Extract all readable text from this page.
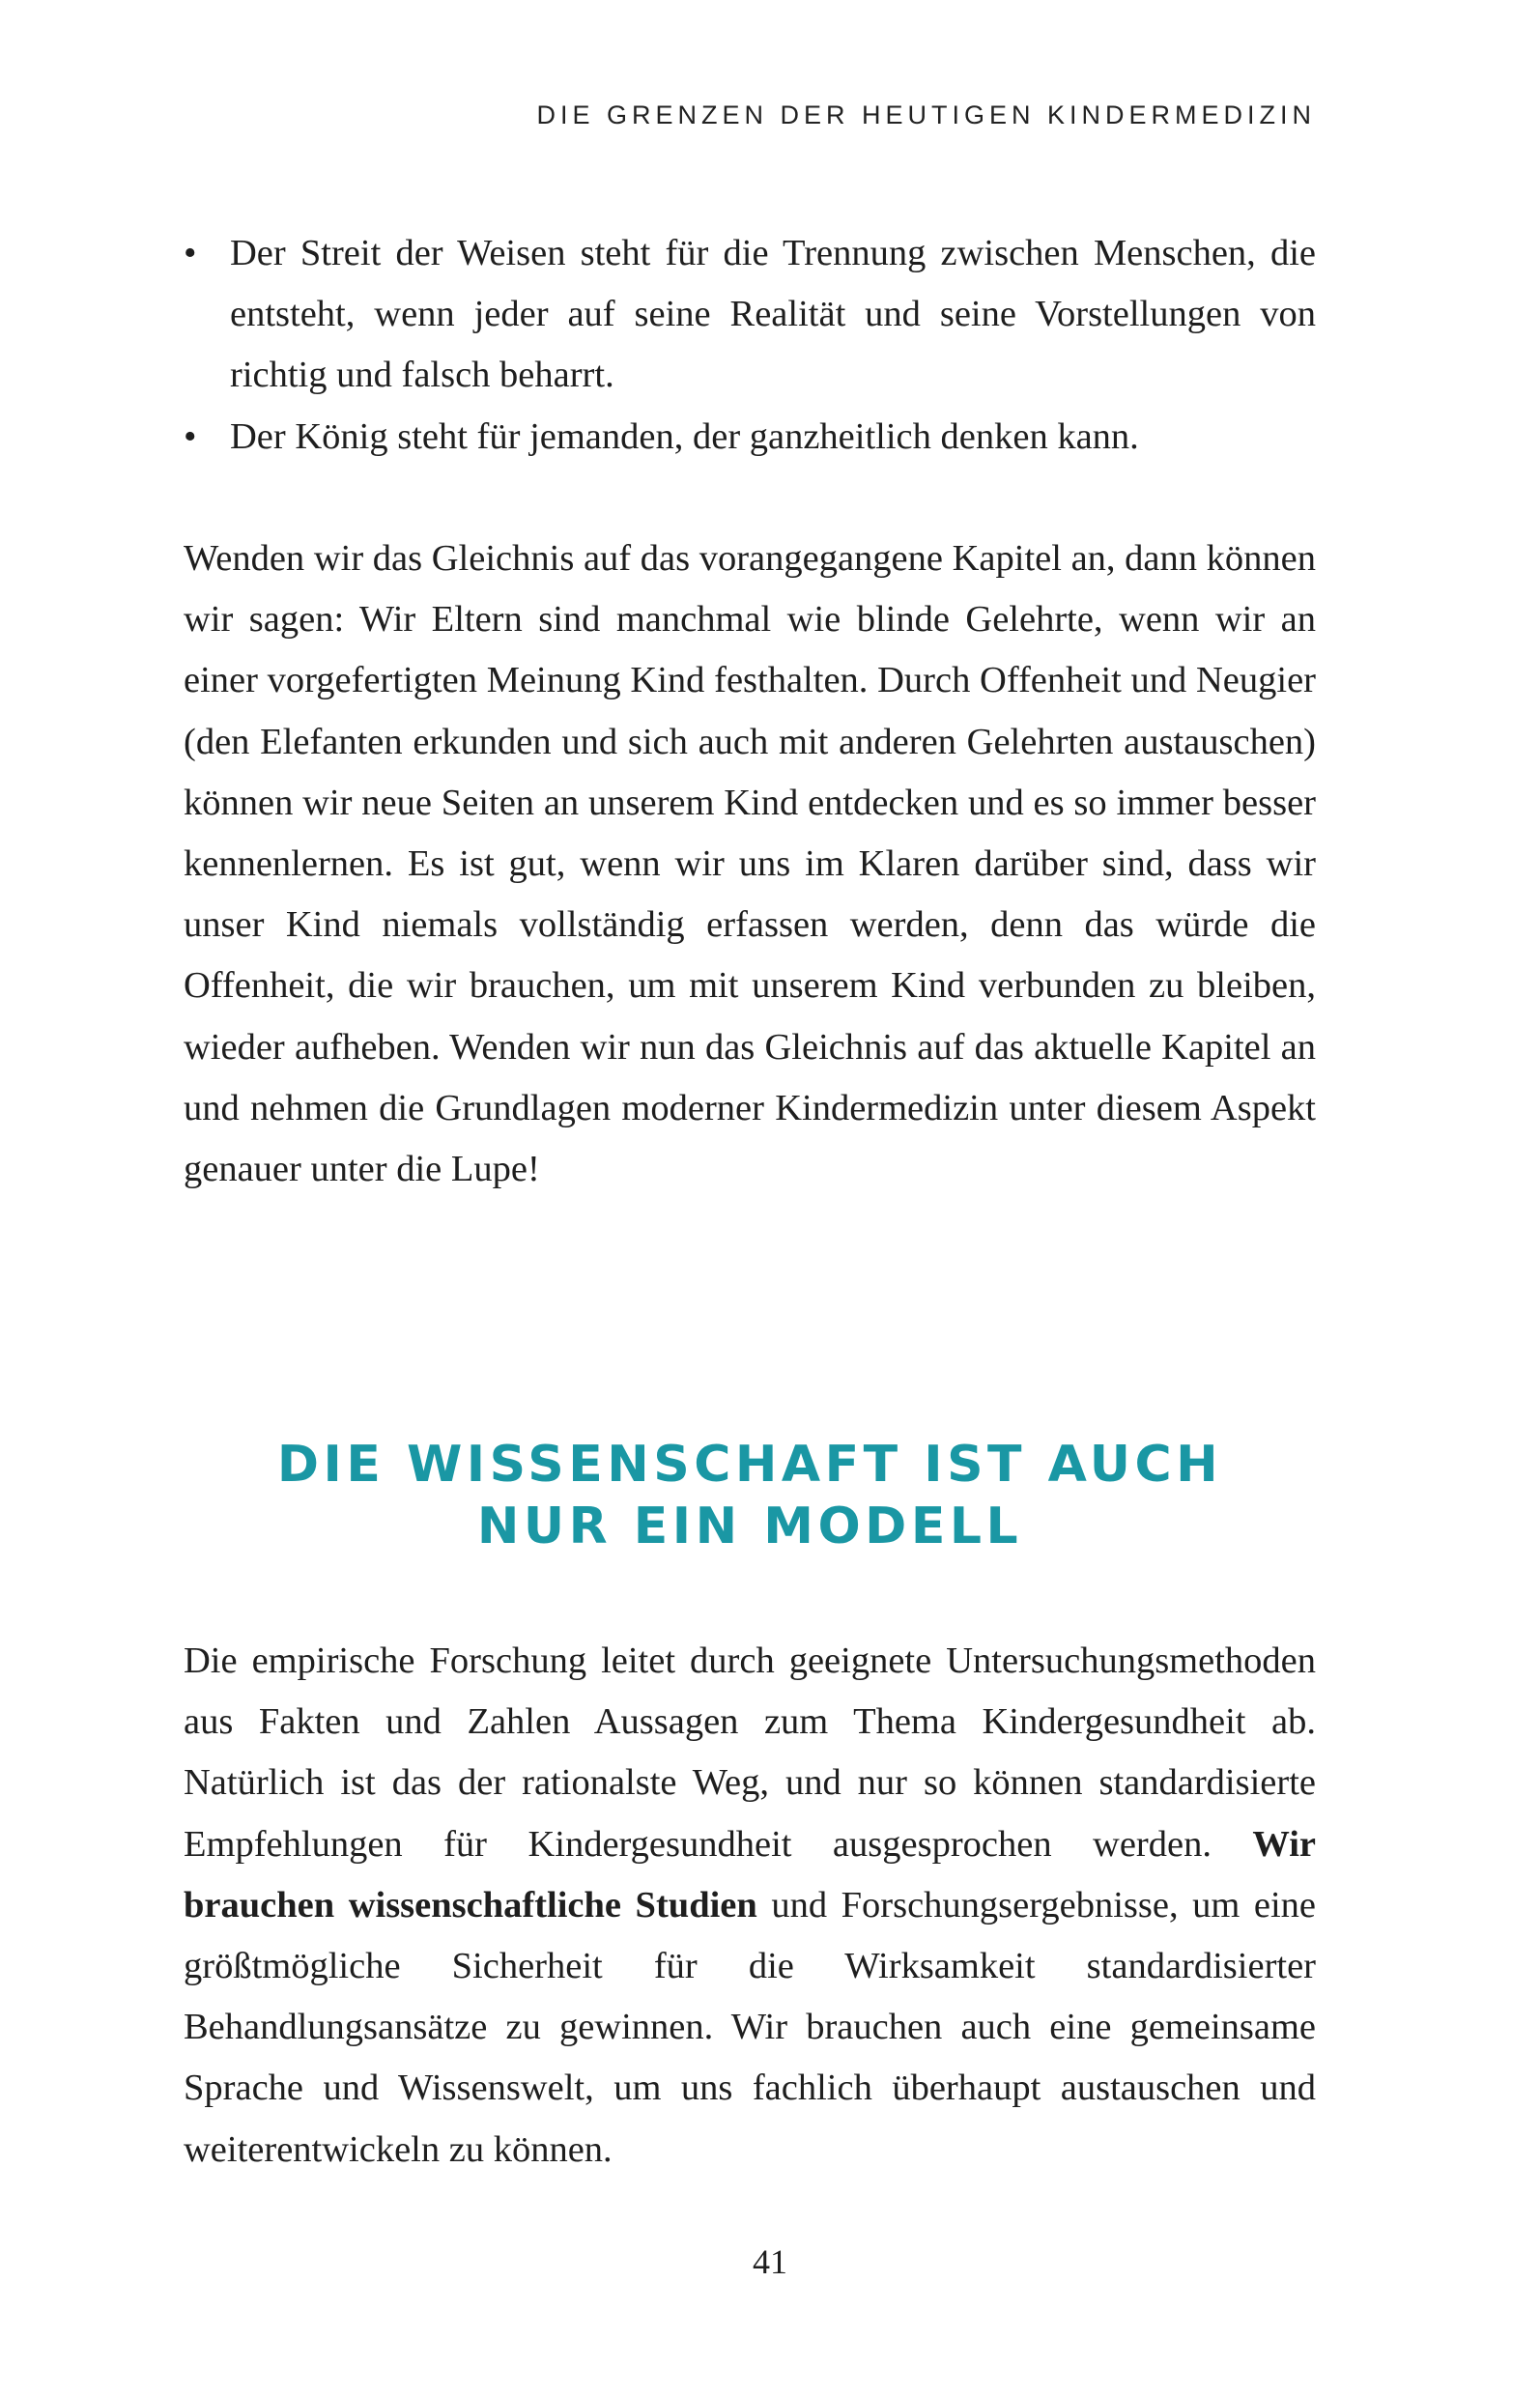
DIE GRENZEN DER HEUTIGEN KINDERMEDIZIN
• Der Streit der Weisen steht für die Trennung zwischen Menschen, die entsteht, wenn jeder auf seine Realität und seine Vorstellungen von richtig und falsch beharrt.
• Der König steht für jemanden, der ganzheitlich denken kann.

Wenden wir das Gleichnis auf das vorangegangene Kapitel an, dann können wir sagen: Wir Eltern sind manchmal wie blinde Gelehrte, wenn wir an einer vorgefertigten Meinung Kind festhalten. Durch Offenheit und Neugier (den Elefanten erkunden und sich auch mit anderen Gelehrten austauschen) können wir neue Seiten an unserem Kind entdecken und es so immer besser kennenlernen. Es ist gut, wenn wir uns im Klaren darüber sind, dass wir unser Kind niemals vollständig erfassen werden, denn das würde die Offenheit, die wir brauchen, um mit unserem Kind verbunden zu bleiben, wieder aufheben. Wenden wir nun das Gleichnis auf das aktuelle Kapitel an und nehmen die Grundlagen moderner Kindermedizin unter diesem Aspekt genauer unter die Lupe!

DIE WISSENSCHAFT IST AUCH
NUR EIN MODELL

Die empirische Forschung leitet durch geeignete Untersuchungsmethoden aus Fakten und Zahlen Aussagen zum Thema Kindergesundheit ab. Natürlich ist das der rationalste Weg, und nur so können standardisierte Empfehlungen für Kindergesundheit ausgesprochen werden. Wir brauchen wissenschaftliche Studien und Forschungsergebnisse, um eine größtmögliche Sicherheit für die Wirksamkeit standardisierter Behandlungsansätze zu gewinnen. Wir brauchen auch eine gemeinsame Sprache und Wissenswelt, um uns fachlich überhaupt austauschen und weiterentwickeln zu können.

41
